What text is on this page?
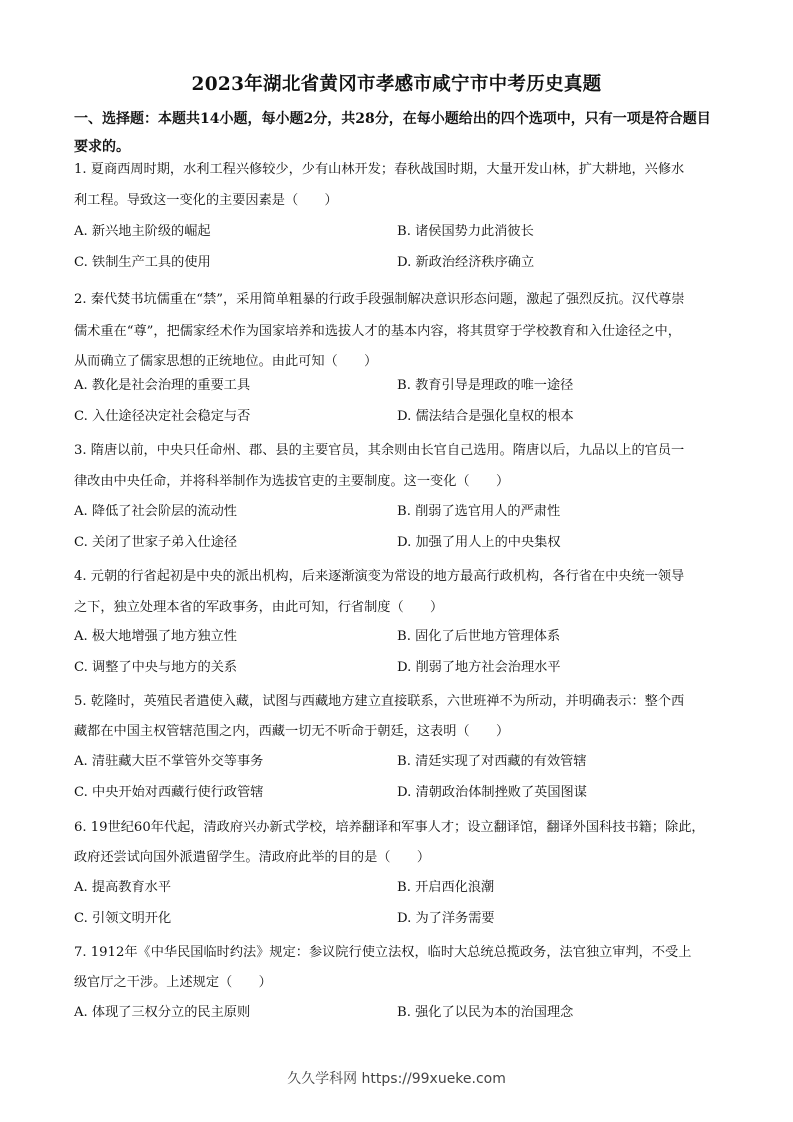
2023年湖北省黄冈市孝感市咸宁市中考历史真题
一、选择题：本题共14小题，每小题2分，共28分，在每小题给出的四个选项中，只有一项是符合题目要求的。
1. 夏商西周时期，水利工程兴修较少，少有山林开发；春秋战国时期，大量开发山林，扩大耕地，兴修水
利工程。导致这一变化的主要因素是（　　）
A. 新兴地主阶级的崛起	B. 诸侯国势力此消彼长
C. 铁制生产工具的使用	D. 新政治经济秩序确立
2. 秦代焚书坑儒重在“禁”，采用简单粗暴的行政手段强制解决意识形态问题，激起了强烈反抗。汉代尊崇
儒术重在“尊”，把儒家经术作为国家培养和选拔人才的基本内容，将其贯穿于学校教育和入仕途径之中，
从而确立了儒家思想的正统地位。由此可知（　　）
A. 教化是社会治理的重要工具	B. 教育引导是理政的唯一途径
C. 入仕途径决定社会稳定与否	D. 儒法结合是强化皇权的根本
3. 隋唐以前，中央只任命州、郡、县的主要官员，其余则由长官自己选用。隋唐以后，九品以上的官员一
律改由中央任命，并将科举制作为选拔官吏的主要制度。这一变化（　　）
A. 降低了社会阶层的流动性	B. 削弱了选官用人的严肃性
C. 关闭了世家子弟入仕途径	D. 加强了用人上的中央集权
4. 元朝的行省起初是中央的派出机构，后来逐渐演变为常设的地方最高行政机构，各行省在中央统一领导
之下，独立处理本省的军政事务，由此可知，行省制度（　　）
A. 极大地增强了地方独立性	B. 固化了后世地方管理体系
C. 调整了中央与地方的关系	D. 削弱了地方社会治理水平
5. 乾隆时，英殖民者遣使入藏，试图与西藏地方建立直接联系，六世班禅不为所动，并明确表示：整个西
藏都在中国主权管辖范围之内，西藏一切无不听命于朝廷，这表明（　　）
A. 清驻藏大臣不掌管外交等事务	B. 清廷实现了对西藏的有效管辖
C. 中央开始对西藏行使行政管辖	D. 清朝政治体制挫败了英国图谋
6. 19世纪60年代起，清政府兴办新式学校，培养翻译和军事人才；设立翻译馆，翻译外国科技书籍；除此，
政府还尝试向国外派遣留学生。清政府此举的目的是（　　）
A. 提高教育水平	B. 开启西化浪潮
C. 引领文明开化	D. 为了洋务需要
7. 1912年《中华民国临时约法》规定：参议院行使立法权，临时大总统总揽政务，法官独立审判，不受上
级官厅之干涉。上述规定（　　）
A. 体现了三权分立的民主原则	B. 强化了以民为本的治国理念
久久学科网 https://99xueke.com
